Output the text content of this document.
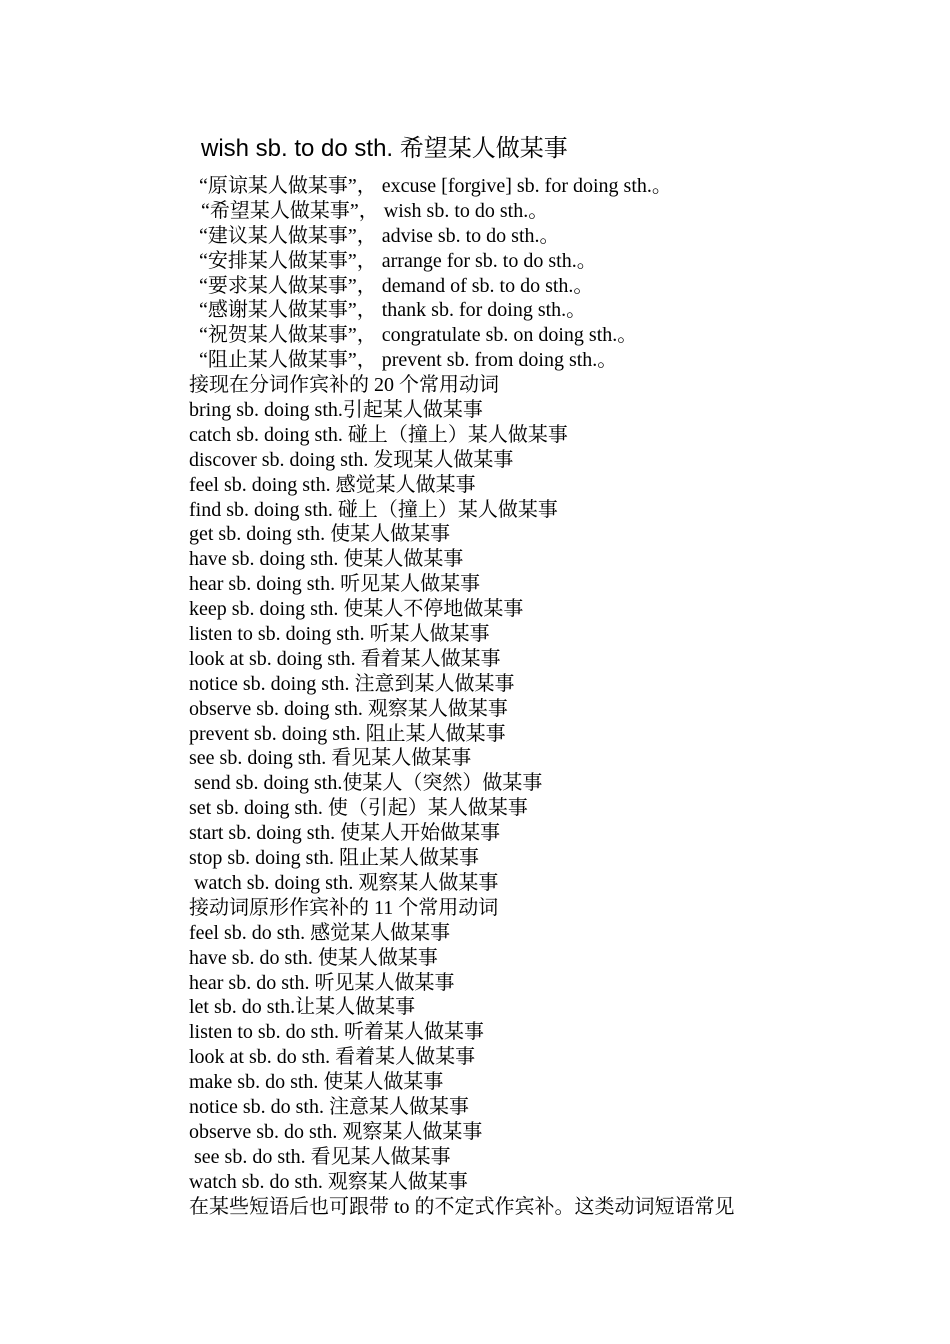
wish sb. to do sth. 希望某人做某事
“原谅某人做某事”， excuse [forgive] sb. for doing sth.。
“希望某人做某事”， wish sb. to do sth.。
“建议某人做某事”， advise sb. to do sth.。
“安排某人做某事”， arrange for sb. to do sth.。
“要求某人做某事”， demand of sb. to do sth.。
“感谢某人做某事”， thank sb. for doing sth.。
“祝贺某人做某事”， congratulate sb. on doing sth.。
“阻止某人做某事”， prevent sb. from doing sth.。
接现在分词作宾补的 20 个常用动词
bring sb. doing sth.引起某人做某事
catch sb. doing sth. 碰上（撞上）某人做某事
discover sb. doing sth. 发现某人做某事
feel sb. doing sth. 感觉某人做某事
find sb. doing sth. 碰上（撞上）某人做某事
get sb. doing sth. 使某人做某事
have sb. doing sth. 使某人做某事
hear sb. doing sth. 听见某人做某事
keep sb. doing sth. 使某人不停地做某事
listen to sb. doing sth. 听某人做某事
look at sb. doing sth. 看着某人做某事
notice sb. doing sth. 注意到某人做某事
observe sb. doing sth. 观察某人做某事
prevent sb. doing sth. 阻止某人做某事
see sb. doing sth. 看见某人做某事
send sb. doing sth.使某人（突然）做某事
set sb. doing sth. 使（引起）某人做某事
start sb. doing sth. 使某人开始做某事
stop sb. doing sth. 阻止某人做某事
watch sb. doing sth. 观察某人做某事
接动词原形作宾补的 11 个常用动词
feel sb. do sth. 感觉某人做某事
have sb. do sth. 使某人做某事
hear sb. do sth. 听见某人做某事
let sb. do sth.让某人做某事
listen to sb. do sth. 听着某人做某事
look at sb. do sth. 看着某人做某事
make sb. do sth. 使某人做某事
notice sb. do sth. 注意某人做某事
observe sb. do sth. 观察某人做某事
see sb. do sth. 看见某人做某事
watch sb. do sth. 观察某人做某事
在某些短语后也可跟带 to 的不定式作宾补。这类动词短语常见
